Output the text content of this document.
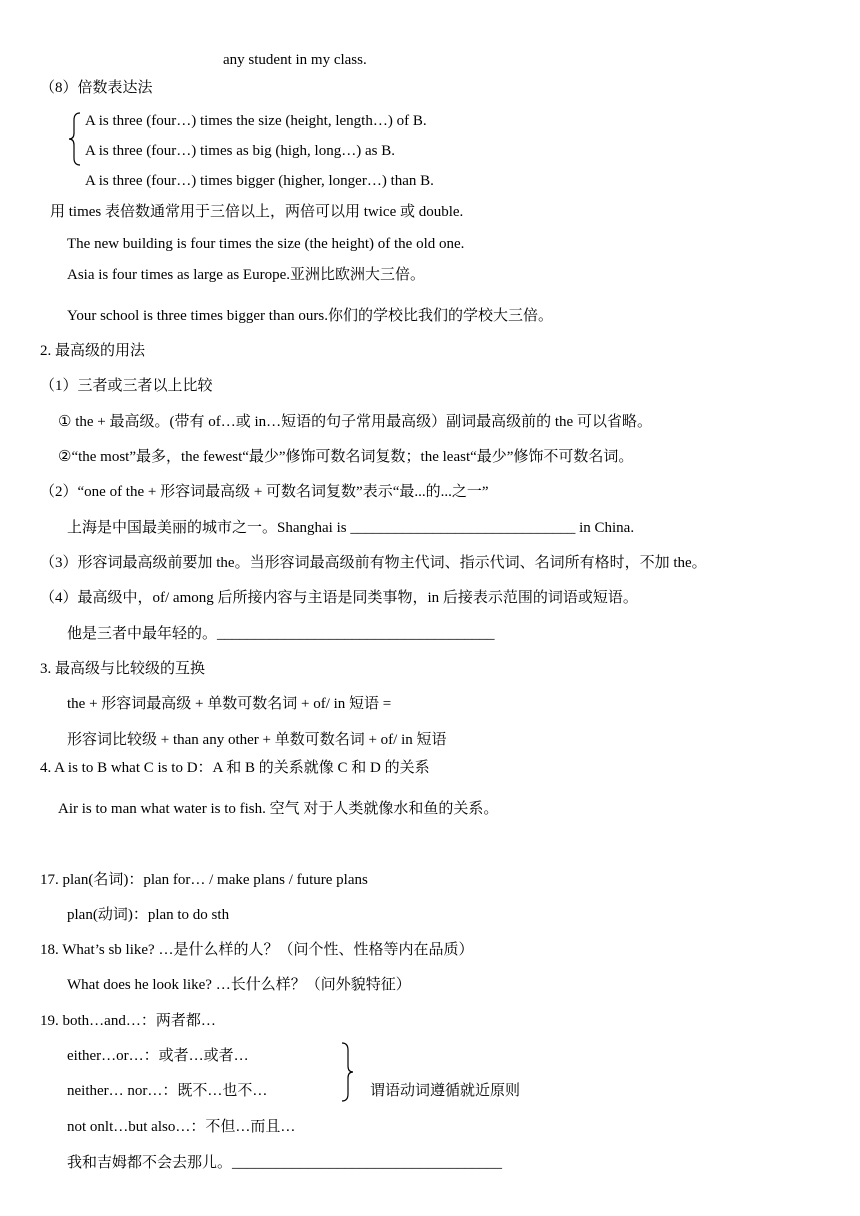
any student in my class.
（8）倍数表达法
A is three (four…) times the size (height, length…) of B.
A is three (four…) times as big (high, long…) as B.
A is three (four…) times bigger (higher, longer…) than B.
用 times 表倍数通常用于三倍以上，两倍可以用 twice 或 double.
The new building is four times the size (the height) of the old one.
Asia is four times as large as Europe.亚洲比欧洲大三倍。
Your school is three times bigger than ours.你们的学校比我们的学校大三倍。
2. 最高级的用法
（1）三者或三者以上比较
① the + 最高级。(带有 of…或 in…短语的句子常用最高级）副词最高级前的 the 可以省略。
②“the most”最多，the fewest“最少”修饰可数名词复数；the least“最少”修饰不可数名词。
（2）“one of the + 形容词最高级 + 可数名词复数”表示“最...的...之一”
上海是中国最美丽的城市之一。Shanghai is ______________________________ in China.
（3）形容词最高级前要加 the。当形容词最高级前有物主代词、指示代词、名词所有格时，不加 the。
（4）最高级中，of/ among 后所接内容与主语是同类事物，in 后接表示范围的词语或短语。
他是三者中最年轻的。_____________________________________
3. 最高级与比较级的互换
the + 形容词最高级 + 单数可数名词 + of/ in 短语 =
形容词比较级 + than any other + 单数可数名词 + of/ in 短语
4. A is to B what C is to D：A 和 B 的关系就像 C 和 D 的关系
Air is to man what water is to fish. 空气 对于人类就像水和鱼的关系。
17. plan(名词)：plan for… / make plans / future plans
plan(动词)：plan to do sth
18. What’s sb like? …是什么样的人？（问个性、性格等内在品质）
What does he look like? …长什么样？（问外貌特征）
19. both…and…：两者都…
either…or…：或者…或者…
neither… nor…：既不…也不…	谓语动词遵循就近原则
not onlt…but also…：不但…而且…
我和吉姆都不会去那儿。____________________________________
